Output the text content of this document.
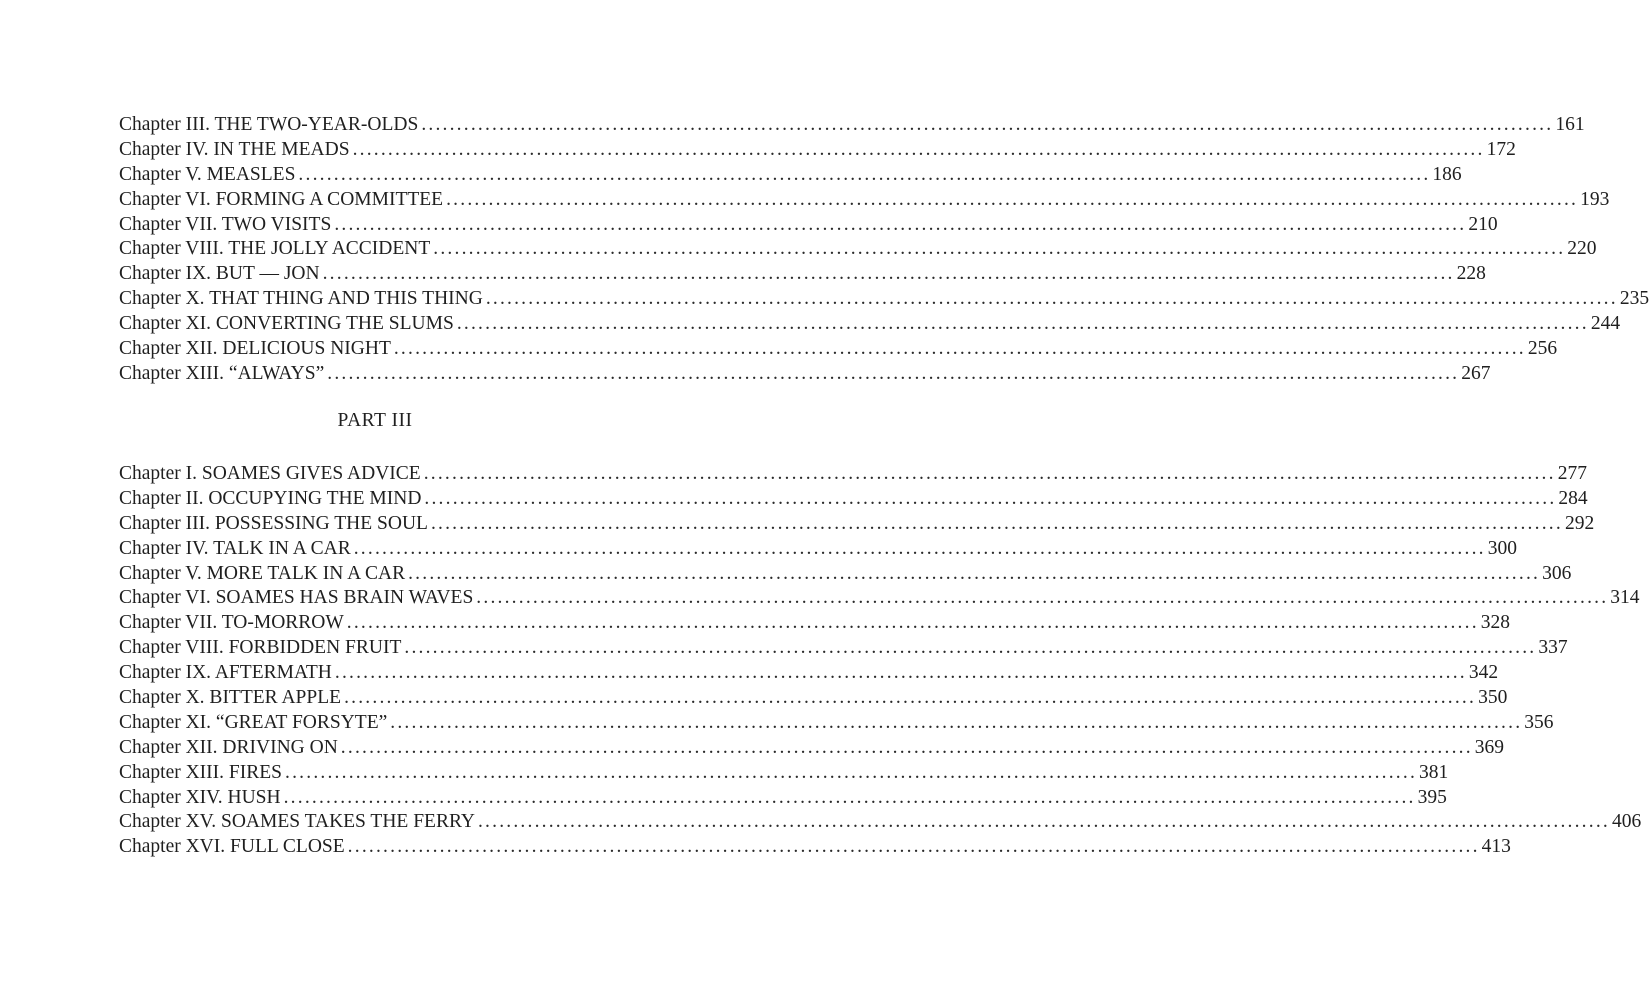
Chapter III. THE TWO-YEAR-OLDS ................................................................................................................................................................ 161
Chapter IV. IN THE MEADS ................................................................................................................................................................ 172
Chapter V. MEASLES ................................................................................................................................................................ 186
Chapter VI. FORMING A COMMITTEE ................................................................................................................................................................ 193
Chapter VII. TWO VISITS ................................................................................................................................................................ 210
Chapter VIII. THE JOLLY ACCIDENT ................................................................................................................................................................ 220
Chapter IX. BUT — JON ................................................................................................................................................................ 228
Chapter X. THAT THING AND THIS THING ................................................................................................................................................................ 235
Chapter XI. CONVERTING THE SLUMS ................................................................................................................................................................ 244
Chapter XII. DELICIOUS NIGHT ................................................................................................................................................................ 256
Chapter XIII. “ALWAYS” ................................................................................................................................................................ 267
PART III
Chapter I. SOAMES GIVES ADVICE ................................................................................................................................................................ 277
Chapter II. OCCUPYING THE MIND ................................................................................................................................................................ 284
Chapter III. POSSESSING THE SOUL ................................................................................................................................................................ 292
Chapter IV. TALK IN A CAR ................................................................................................................................................................ 300
Chapter V. MORE TALK IN A CAR ................................................................................................................................................................ 306
Chapter VI. SOAMES HAS BRAIN WAVES ................................................................................................................................................................ 314
Chapter VII. TO-MORROW ................................................................................................................................................................ 328
Chapter VIII. FORBIDDEN FRUIT ................................................................................................................................................................ 337
Chapter IX. AFTERMATH ................................................................................................................................................................ 342
Chapter X. BITTER APPLE ................................................................................................................................................................ 350
Chapter XI. “GREAT FORSYTE” ................................................................................................................................................................ 356
Chapter XII. DRIVING ON ................................................................................................................................................................ 369
Chapter XIII. FIRES ................................................................................................................................................................ 381
Chapter XIV. HUSH ................................................................................................................................................................ 395
Chapter XV. SOAMES TAKES THE FERRY ................................................................................................................................................................ 406
Chapter XVI. FULL CLOSE ................................................................................................................................................................ 413
